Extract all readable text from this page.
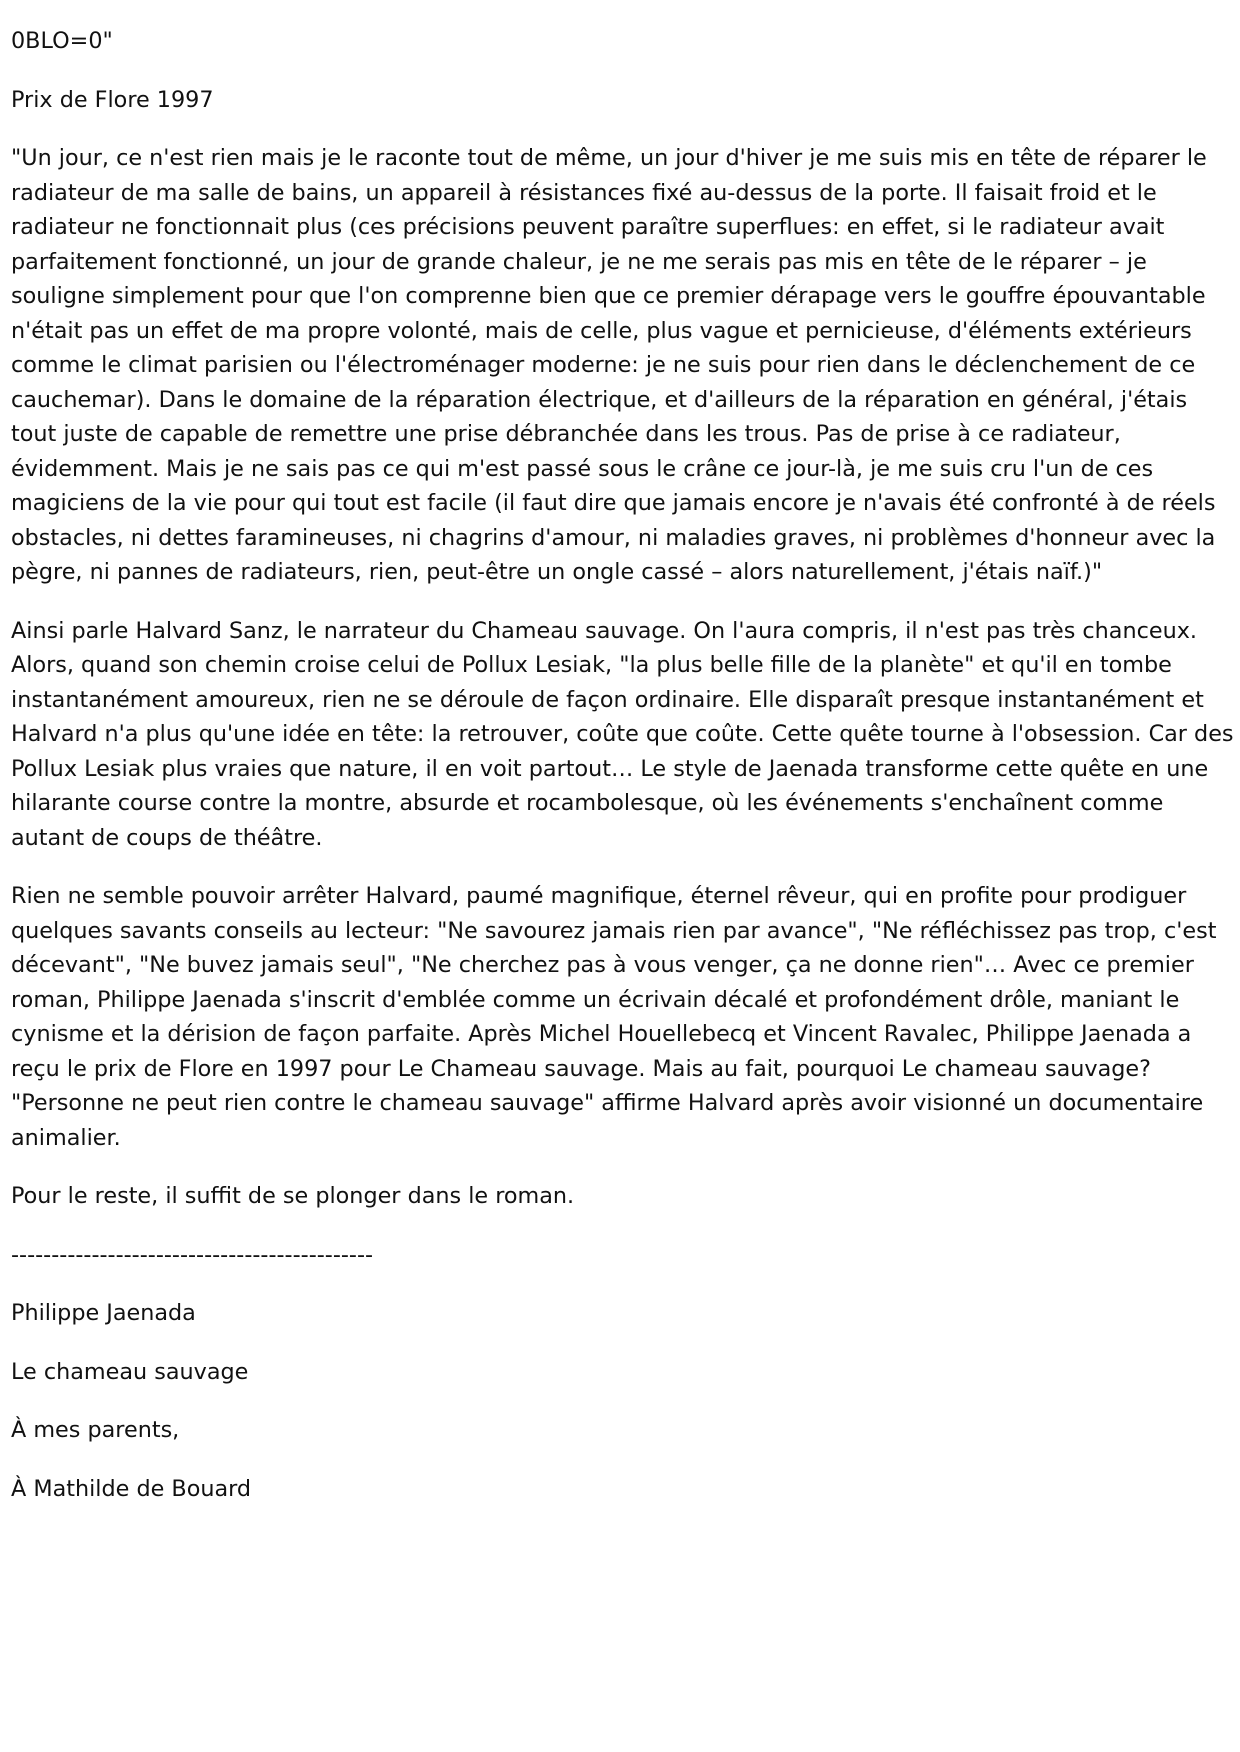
0BLO=0"

Prix de Flore 1997

"Un jour, ce n'est rien mais je le raconte tout de même, un jour d'hiver je me suis mis en tête de réparer le radiateur de ma salle de bains, un appareil à résistances fixé au-dessus de la porte. Il faisait froid et le radiateur ne fonctionnait plus (ces précisions peuvent paraître superflues: en effet, si le radiateur avait parfaitement fonctionné, un jour de grande chaleur, je ne me serais pas mis en tête de le réparer – je souligne simplement pour que l'on comprenne bien que ce premier dérapage vers le gouffre épouvantable n'était pas un effet de ma propre volonté, mais de celle, plus vague et pernicieuse, d'éléments extérieurs comme le climat parisien ou l'électroménager moderne: je ne suis pour rien dans le déclenchement de ce cauchemar). Dans le domaine de la réparation électrique, et d'ailleurs de la réparation en général, j'étais tout juste de capable de remettre une prise débranchée dans les trous. Pas de prise à ce radiateur, évidemment. Mais je ne sais pas ce qui m'est passé sous le crâne ce jour-là, je me suis cru l'un de ces magiciens de la vie pour qui tout est facile (il faut dire que jamais encore je n'avais été confronté à de réels obstacles, ni dettes faramineuses, ni chagrins d'amour, ni maladies graves, ni problèmes d'honneur avec la pègre, ni pannes de radiateurs, rien, peut-être un ongle cassé – alors naturellement, j'étais naïf.)"

Ainsi parle Halvard Sanz, le narrateur du Chameau sauvage. On l'aura compris, il n'est pas très chanceux. Alors, quand son chemin croise celui de Pollux Lesiak, "la plus belle fille de la planète" et qu'il en tombe instantanément amoureux, rien ne se déroule de façon ordinaire. Elle disparaît presque instantanément et Halvard n'a plus qu'une idée en tête: la retrouver, coûte que coûte. Cette quête tourne à l'obsession. Car des Pollux Lesiak plus vraies que nature, il en voit partout… Le style de Jaenada transforme cette quête en une hilarante course contre la montre, absurde et rocambolesque, où les événements s'enchaînent comme autant de coups de théâtre.

Rien ne semble pouvoir arrêter Halvard, paumé magnifique, éternel rêveur, qui en profite pour prodiguer quelques savants conseils au lecteur: "Ne savourez jamais rien par avance", "Ne réfléchissez pas trop, c'est décevant", "Ne buvez jamais seul", "Ne cherchez pas à vous venger, ça ne donne rien"… Avec ce premier roman, Philippe Jaenada s'inscrit d'emblée comme un écrivain décalé et profondément drôle, maniant le cynisme et la dérision de façon parfaite. Après Michel Houellebecq et Vincent Ravalec, Philippe Jaenada a reçu le prix de Flore en 1997 pour Le Chameau sauvage. Mais au fait, pourquoi Le chameau sauvage? "Personne ne peut rien contre le chameau sauvage" affirme Halvard après avoir visionné un documentaire animalier.

Pour le reste, il suffit de se plonger dans le roman.

---------------------------------------------

Philippe Jaenada

Le chameau sauvage

À mes parents,

À Mathilde de Bouard
